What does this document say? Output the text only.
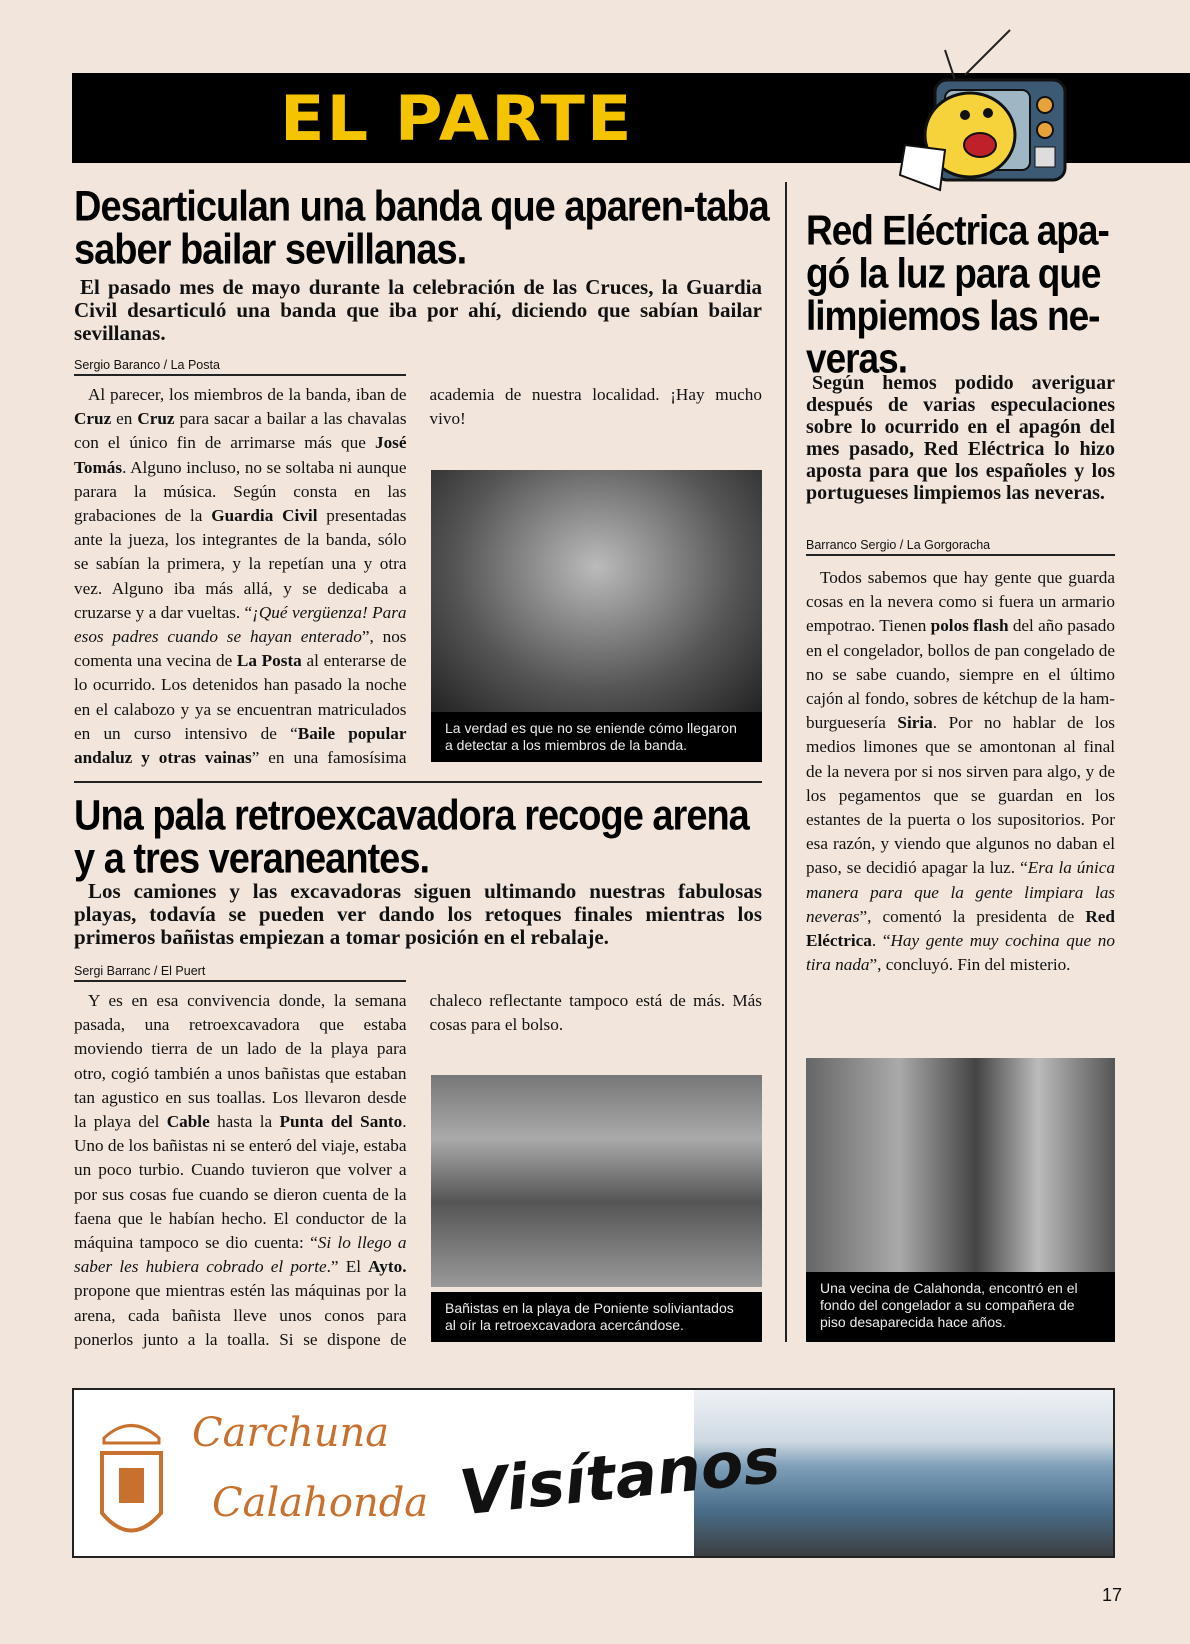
EL PARTE
Desarticulan una banda que aparen-taba saber bailar sevillanas.

El pasado mes de mayo durante la celebración de las Cruces, la Guardia Civil desarticuló una banda que iba por ahí, diciendo que sabían bailar sevillanas.

Sergio Baranco / La Posta

Al parecer, los miembros de la banda, iban de Cruz en Cruz para sacar a bailar a las chavalas con el único fin de arrimarse más que José Tomás. Alguno incluso, no se soltaba ni aunque parara la música. Según consta en las grabaciones de la Guardia Civil presentadas ante la jueza, los integrantes de la banda, sólo se sabían la primera, y la repetían una y otra vez. Alguno iba más allá, y se dedicaba a cruzarse y a dar vueltas. “¡Qué vergüenza! Para esos padres cuando se hayan enterado”, nos comenta una vecina de La Posta al enterarse de lo ocurrido. Los detenidos han pasado la noche en el calabozo y ya se encuentran matriculados en un curso intensivo de “Baile popular andaluz y otras vainas” en una famosísima academia de nuestra localidad. ¡Hay mucho vivo!

La verdad es que no se eniende cómo llegaron a detectar a los miembros de la banda.
Una pala retroexcavadora recoge arena y a tres veraneantes.

Los camiones y las excavadoras siguen ultimando nuestras fabulosas playas, todavía se pueden ver dando los retoques finales mientras los primeros bañistas empiezan a tomar posición en el rebalaje.

Sergi Barranc / El Puert

Y es en esa convivencia donde, la semana pasada, una retroexcavadora que estaba moviendo tierra de un lado de la playa para otro, cogió también a unos bañistas que estaban tan agustico en sus toallas. Los llevaron desde la playa del Cable hasta la Punta del Santo. Uno de los bañistas ni se enteró del viaje, estaba un poco turbio. Cuando tuvieron que volver a por sus cosas fue cuando se dieron cuenta de la faena que le habían hecho. El conductor de la máquina tampoco se dio cuenta: “Si lo llego a saber les hubiera cobrado el porte.” El Ayto. propone que mientras estén las máquinas por la arena, cada bañista lleve unos conos para ponerlos junto a la toalla. Si se dispone de chaleco reflectante tampoco está de más. Más cosas para el bolso.

Bañistas en la playa de Poniente soliviantados al oír la retroexcavadora acercándose.
Red Eléctrica apagó la luz para que limpiemos las neveras.

Según hemos podido averiguar después de varias especulaciones sobre lo ocurrido en el apagón del mes pasado, Red Eléctrica lo hizo aposta para que los españoles y los portugueses limpiemos las neveras.

Barranco Sergio / La Gorgoracha

Todos sabemos que hay gente que guarda cosas en la nevera como si fuera un armario empotrao. Tienen polos flash del año pasado en el congelador, bollos de pan congelado de no se sabe cuando, siempre en el último cajón al fondo, sobres de kétchup de la hamburguesería Siria. Por no hablar de los medios limones que se amontonan al final de la nevera por si nos sirven para algo, y de los pegamentos que se guardan en los estantes de la puerta o los supositorios. Por esa razón, y viendo que algunos no daban el paso, se decidió apagar la luz. “Era la única manera para que la gente limpiara las neveras”, comentó la presidenta de Red Eléctrica. “Hay gente muy cochina que no tira nada”, concluyó. Fin del misterio.

Una vecina de Calahonda, encontró en el fondo del congelador a su compañera de piso desaparecida hace años.
Carchuna
Calahonda Visítanos
17
